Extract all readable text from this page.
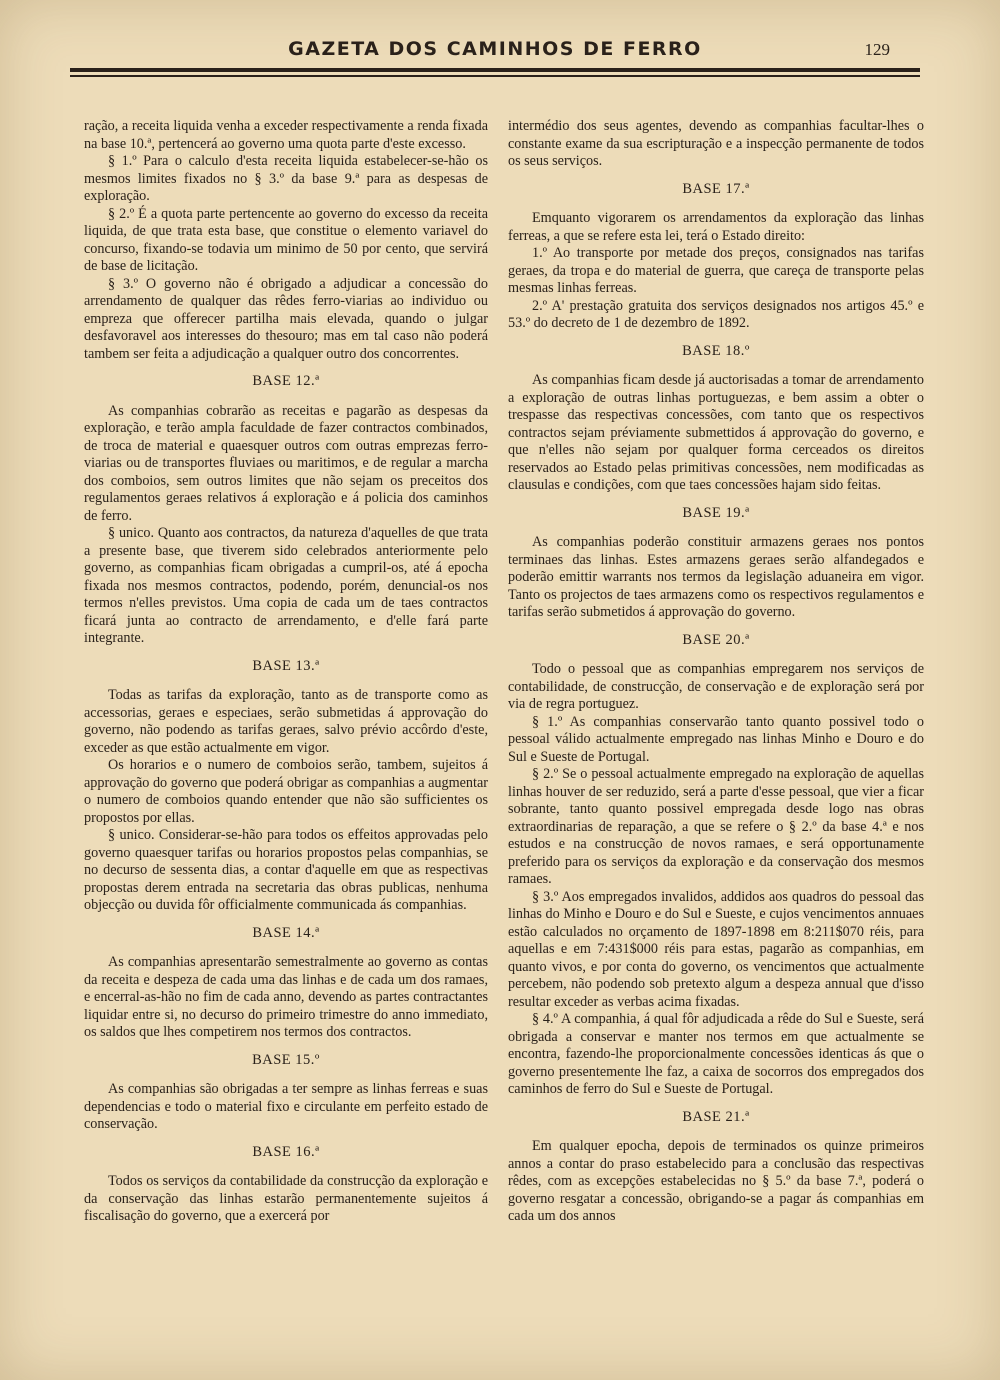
GAZETA DOS CAMINHOS DE FERRO	129

ração, a receita liquida venha a exceder respectivamente a renda fixada na base 10.ª, pertencerá ao governo uma quota parte d'este excesso.

§ 1.º Para o calculo d'esta receita liquida estabelecer-se-hão os mesmos limites fixados no § 3.º da base 9.ª para as despesas de exploração.

§ 2.º É a quota parte pertencente ao governo do excesso da receita liquida, de que trata esta base, que constitue o elemento variavel do concurso, fixando-se todavia um minimo de 50 por cento, que servirá de base de licitação.

§ 3.º O governo não é obrigado a adjudicar a concessão do arrendamento de qualquer das rêdes ferro-viarias ao individuo ou empreza que offerecer partilha mais elevada, quando o julgar desfavoravel aos interesses do thesouro; mas em tal caso não poderá tambem ser feita a adjudicação a qualquer outro dos concorrentes.

BASE 12.ª

As companhias cobrarão as receitas e pagarão as despesas da exploração, e terão ampla faculdade de fazer contractos combinados, de troca de material e quaesquer outros com outras emprezas ferro-viarias ou de transportes fluviaes ou maritimos, e de regular a marcha dos comboios, sem outros limites que não sejam os preceitos dos regulamentos geraes relativos á exploração e á policia dos caminhos de ferro.

§ unico. Quanto aos contractos, da natureza d'aquelles de que trata a presente base, que tiverem sido celebrados anteriormente pelo governo, as companhias ficam obrigadas a cumpril-os, até á epocha fixada nos mesmos contractos, podendo, porém, denuncial-os nos termos n'elles previstos. Uma copia de cada um de taes contractos ficará junta ao contracto de arrendamento, e d'elle fará parte integrante.

BASE 13.ª

Todas as tarifas da exploração, tanto as de transporte como as accessorias, geraes e especiaes, serão submetidas á approvação do governo, não podendo as tarifas geraes, salvo prévio accôrdo d'este, exceder as que estão actualmente em vigor.

Os horarios e o numero de comboios serão, tambem, sujeitos á approvação do governo que poderá obrigar as companhias a augmentar o numero de comboios quando entender que não são sufficientes os propostos por ellas.

§ unico. Considerar-se-hão para todos os effeitos approvadas pelo governo quaesquer tarifas ou horarios propostos pelas companhias, se no decurso de sessenta dias, a contar d'aquelle em que as respectivas propostas derem entrada na secretaria das obras publicas, nenhuma objecção ou duvida fôr officialmente communicada ás companhias.

BASE 14.ª

As companhias apresentarão semestralmente ao governo as contas da receita e despeza de cada uma das linhas e de cada um dos ramaes, e encerral-as-hão no fim de cada anno, devendo as partes contractantes liquidar entre si, no decurso do primeiro trimestre do anno immediato, os saldos que lhes competirem nos termos dos contractos.

BASE 15.º

As companhias são obrigadas a ter sempre as linhas ferreas e suas dependencias e todo o material fixo e circulante em perfeito estado de conservação.

BASE 16.ª

Todos os serviços da contabilidade da construcção da exploração e da conservação das linhas estarão permanentemente sujeitos á fiscalisação do governo, que a exercerá por

intermédio dos seus agentes, devendo as companhias facultar-lhes o constante exame da sua escripturação e a inspecção permanente de todos os seus serviços.

BASE 17.ª

Emquanto vigorarem os arrendamentos da exploração das linhas ferreas, a que se refere esta lei, terá o Estado direito:

1.º Ao transporte por metade dos preços, consignados nas tarifas geraes, da tropa e do material de guerra, que careça de transporte pelas mesmas linhas ferreas.

2.º A' prestação gratuita dos serviços designados nos artigos 45.º e 53.º do decreto de 1 de dezembro de 1892.

BASE 18.º

As companhias ficam desde já auctorisadas a tomar de arrendamento a exploração de outras linhas portuguezas, e bem assim a obter o trespasse das respectivas concessões, com tanto que os respectivos contractos sejam préviamente submettidos á approvação do governo, e que n'elles não sejam por qualquer forma cerceados os direitos reservados ao Estado pelas primitivas concessões, nem modificadas as clausulas e condições, com que taes concessões hajam sido feitas.

BASE 19.ª

As companhias poderão constituir armazens geraes nos pontos terminaes das linhas. Estes armazens geraes serão alfandegados e poderão emittir warrants nos termos da legislação aduaneira em vigor. Tanto os projectos de taes armazens como os respectivos regulamentos e tarifas serão submetidos á approvação do governo.

BASE 20.ª

Todo o pessoal que as companhias empregarem nos serviços de contabilidade, de construcção, de conservação e de exploração será por via de regra portuguez.

§ 1.º As companhias conservarão tanto quanto possivel todo o pessoal válido actualmente empregado nas linhas Minho e Douro e do Sul e Sueste de Portugal.

§ 2.º Se o pessoal actualmente empregado na exploração de aquellas linhas houver de ser reduzido, será a parte d'esse pessoal, que vier a ficar sobrante, tanto quanto possivel empregada desde logo nas obras extraordinarias de reparação, a que se refere o § 2.º da base 4.ª e nos estudos e na construcção de novos ramaes, e será opportunamente preferido para os serviços da exploração e da conservação dos mesmos ramaes.

§ 3.º Aos empregados invalidos, addidos aos quadros do pessoal das linhas do Minho e Douro e do Sul e Sueste, e cujos vencimentos annuaes estão calculados no orçamento de 1897-1898 em 8:211$070 réis, para aquellas e em 7:431$000 réis para estas, pagarão as companhias, em quanto vivos, e por conta do governo, os vencimentos que actualmente percebem, não podendo sob pretexto algum a despeza annual que d'isso resultar exceder as verbas acima fixadas.

§ 4.º A companhia, á qual fôr adjudicada a rêde do Sul e Sueste, será obrigada a conservar e manter nos termos em que actualmente se encontra, fazendo-lhe proporcionalmente concessões identicas ás que o governo presentemente lhe faz, a caixa de socorros dos empregados dos caminhos de ferro do Sul e Sueste de Portugal.

BASE 21.ª

Em qualquer epocha, depois de terminados os quinze primeiros annos a contar do praso estabelecido para a conclusão das respectivas rêdes, com as excepções estabelecidas no § 5.º da base 7.ª, poderá o governo resgatar a concessão, obrigando-se a pagar ás companhias em cada um dos annos
